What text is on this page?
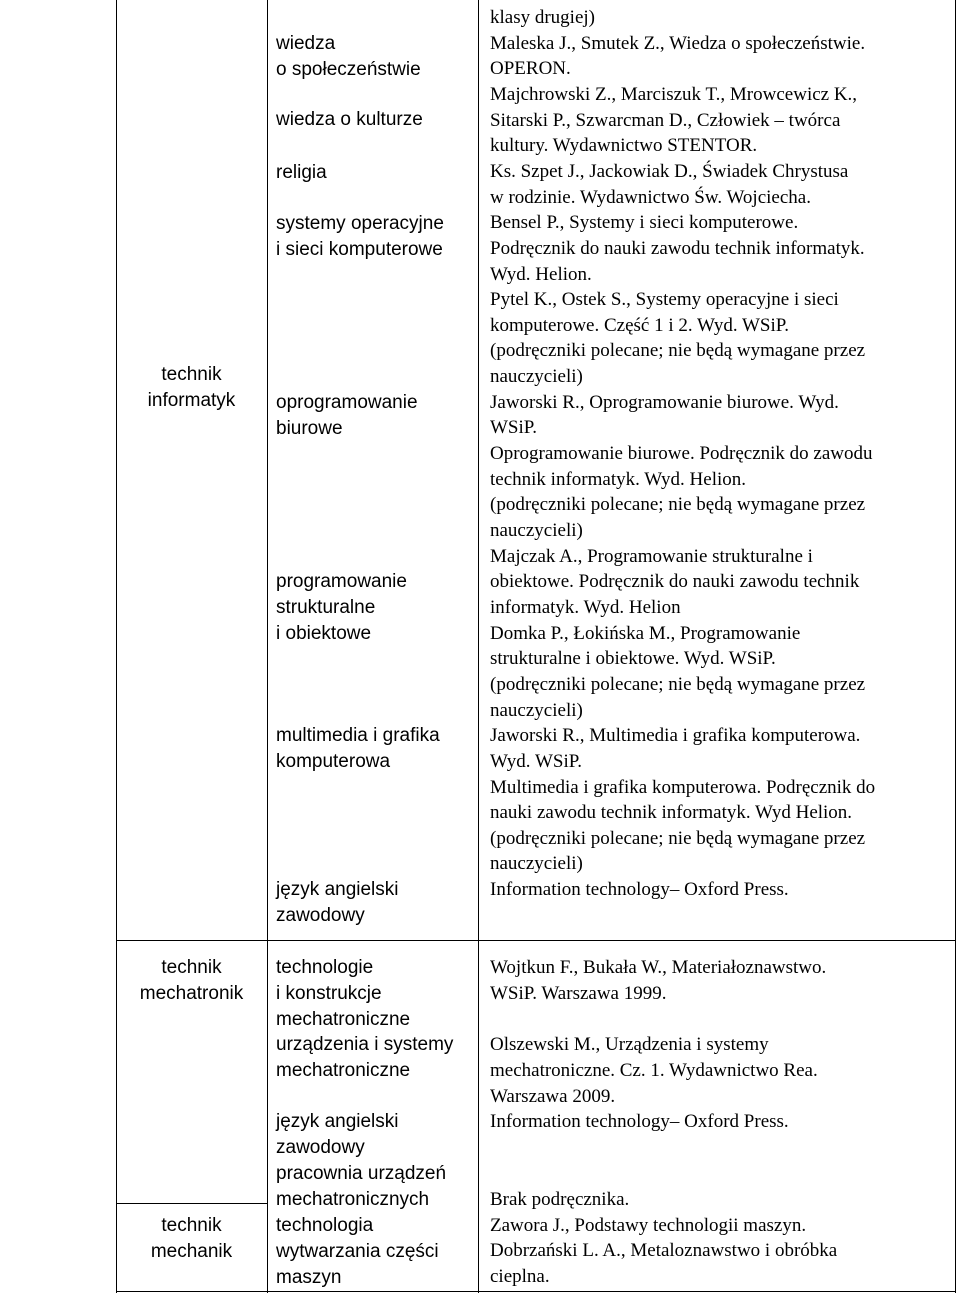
technik
informatyk
wiedza
o społeczeństwie
wiedza o kulturze
religia
systemy operacyjne
i sieci komputerowe
oprogramowanie
biurowe
programowanie
strukturalne
i obiektowe
multimedia i grafika
komputerowa
język angielski
zawodowy
klasy drugiej)
Maleska J., Smutek Z., Wiedza o społeczeństwie.
OPERON.
Majchrowski Z., Marciszuk T., Mrowcewicz K.,
Sitarski P., Szwarcman D., Człowiek – twórca
kultury. Wydawnictwo STENTOR.
Ks. Szpet J., Jackowiak D., Świadek Chrystusa
w rodzinie. Wydawnictwo Św. Wojciecha.
Bensel P., Systemy i sieci komputerowe.
Podręcznik do nauki zawodu technik informatyk.
Wyd. Helion.
Pytel K., Ostek S., Systemy operacyjne i sieci
komputerowe. Część 1 i 2. Wyd. WSiP.
(podręczniki polecane; nie będą wymagane przez
nauczycieli)
Jaworski R., Oprogramowanie biurowe. Wyd.
WSiP.
Oprogramowanie biurowe. Podręcznik do zawodu
technik informatyk. Wyd. Helion.
(podręczniki polecane; nie będą wymagane przez
nauczycieli)
Majczak A., Programowanie strukturalne i
obiektowe. Podręcznik do nauki zawodu technik
informatyk. Wyd. Helion
Domka P., Łokińska M., Programowanie
strukturalne i obiektowe. Wyd. WSiP.
(podręczniki polecane; nie będą wymagane przez
nauczycieli)
Jaworski R., Multimedia i grafika komputerowa.
Wyd. WSiP.
Multimedia i grafika komputerowa. Podręcznik do
nauki zawodu technik informatyk. Wyd Helion.
(podręczniki polecane; nie będą wymagane przez
nauczycieli)
Information technology– Oxford Press.
technik
mechatronik
technologie
i konstrukcje
mechatroniczne
urządzenia i systemy
mechatroniczne
język angielski
zawodowy
pracownia urządzeń
mechatronicznych
technik
mechanik
technologia
wytwarzania części
maszyn
Wojtkun F., Bukała W., Materiałoznawstwo.
WSiP. Warszawa 1999.
Olszewski M., Urządzenia i systemy
mechatroniczne. Cz. 1. Wydawnictwo Rea.
Warszawa 2009.
Information technology– Oxford Press.
Brak podręcznika.
Zawora J., Podstawy technologii maszyn.
Dobrzański L. A., Metaloznawstwo i obróbka
cieplna.
